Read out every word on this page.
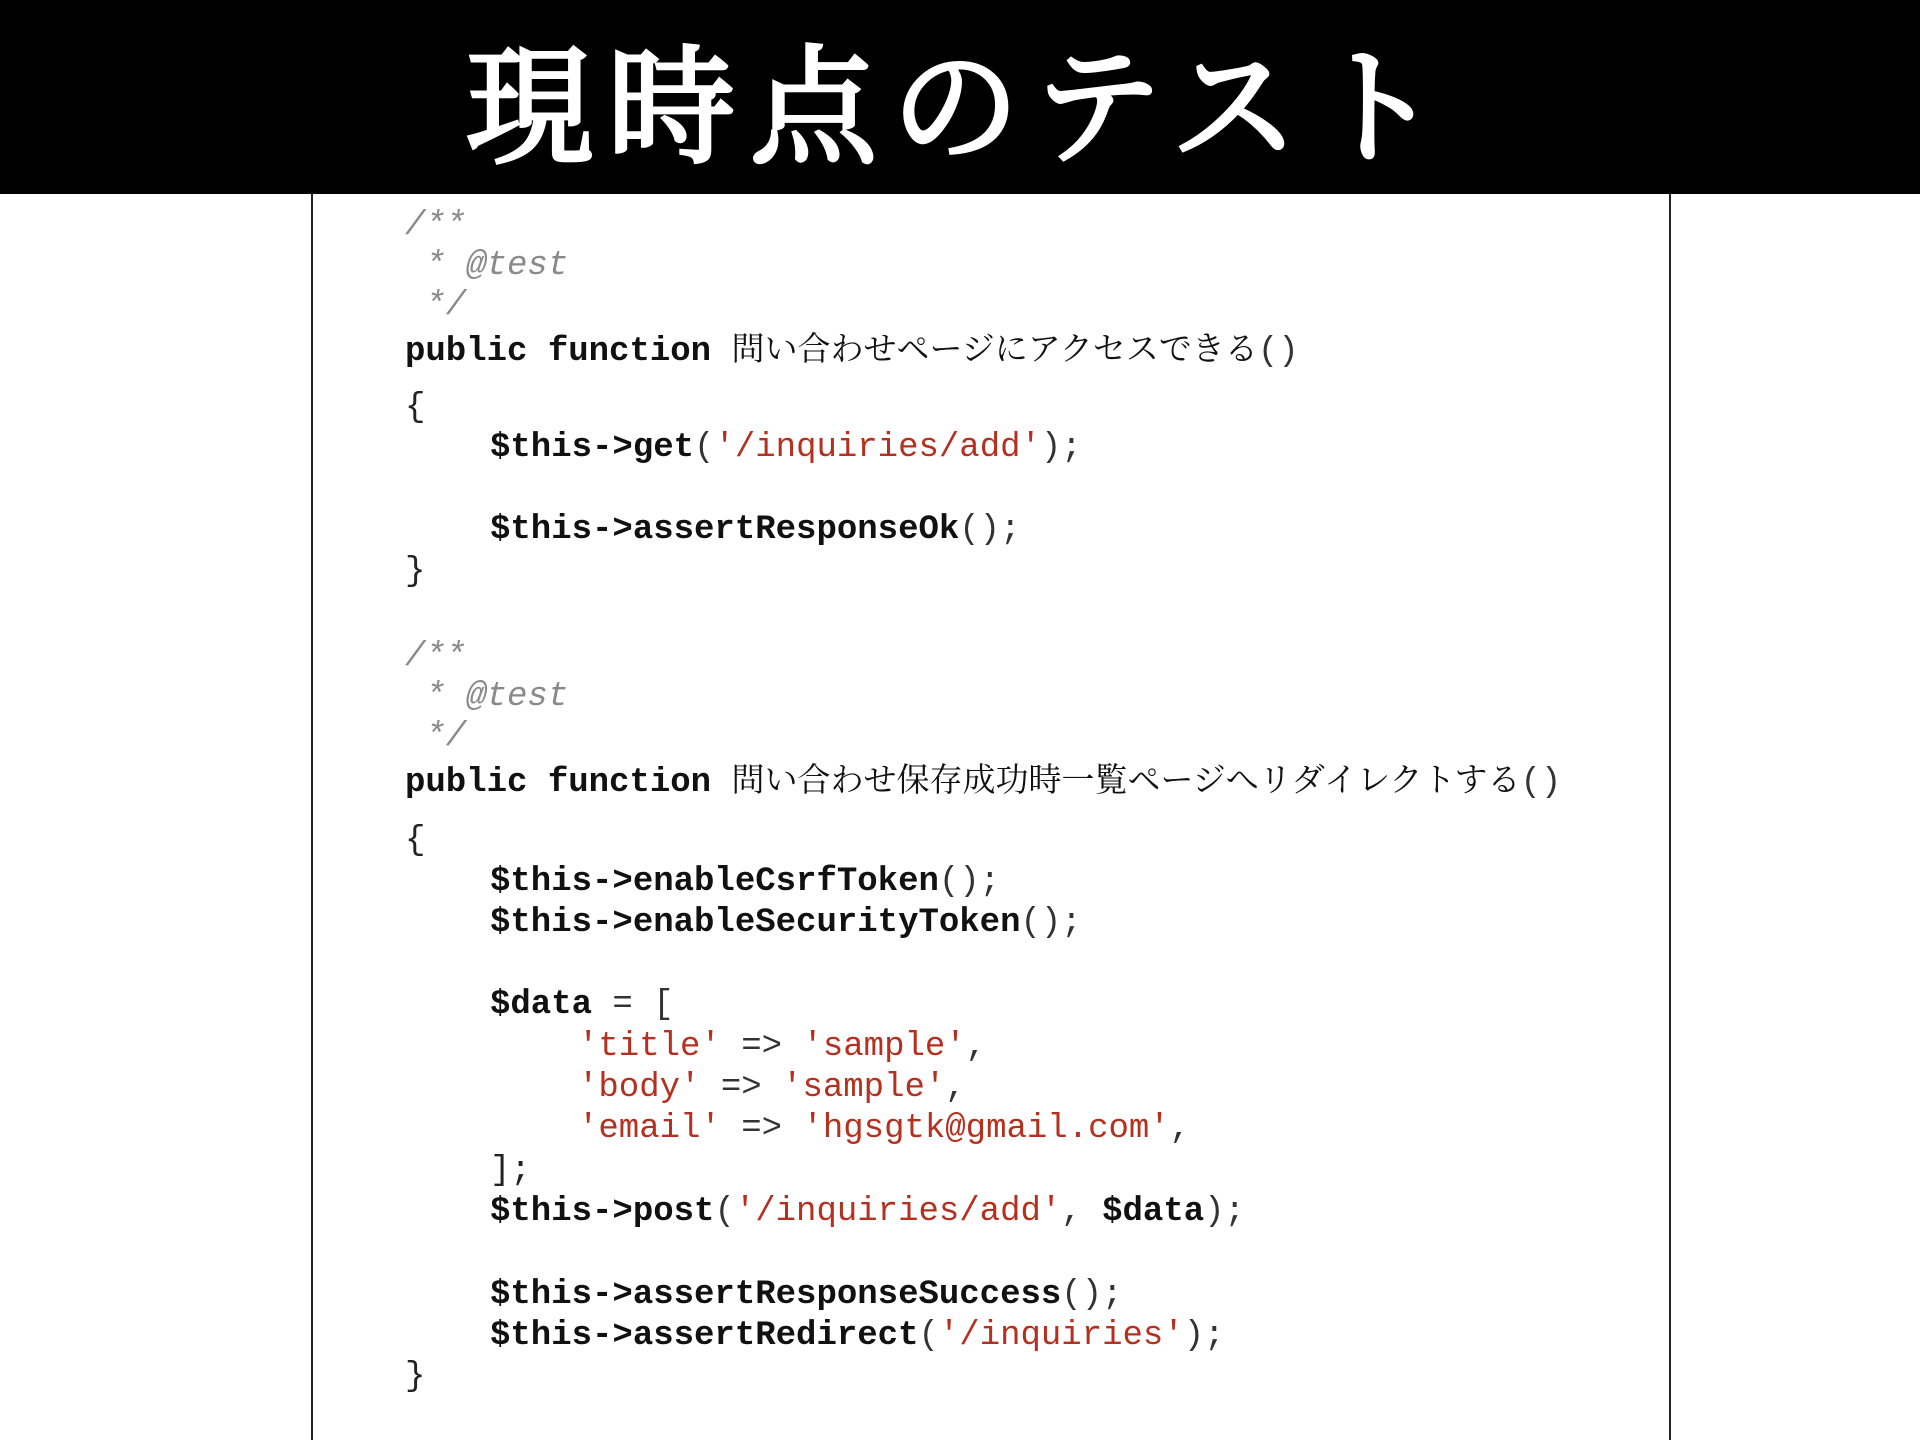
現時点のテスト
/**
* @test
*/
public function 問い合わせページにアクセスできる()
{
$this->get('/inquiries/add');
$this->assertResponseOk();
}
/**
* @test
*/
public function 問い合わせ保存成功時一覧ページへリダイレクトする()
{
$this->enableCsrfToken();
$this->enableSecurityToken();
$data = [
'title' => 'sample',
'body' => 'sample',
'email' => 'hgsgtk@gmail.com',
];
$this->post('/inquiries/add', $data);
$this->assertResponseSuccess();
$this->assertRedirect('/inquiries');
}
